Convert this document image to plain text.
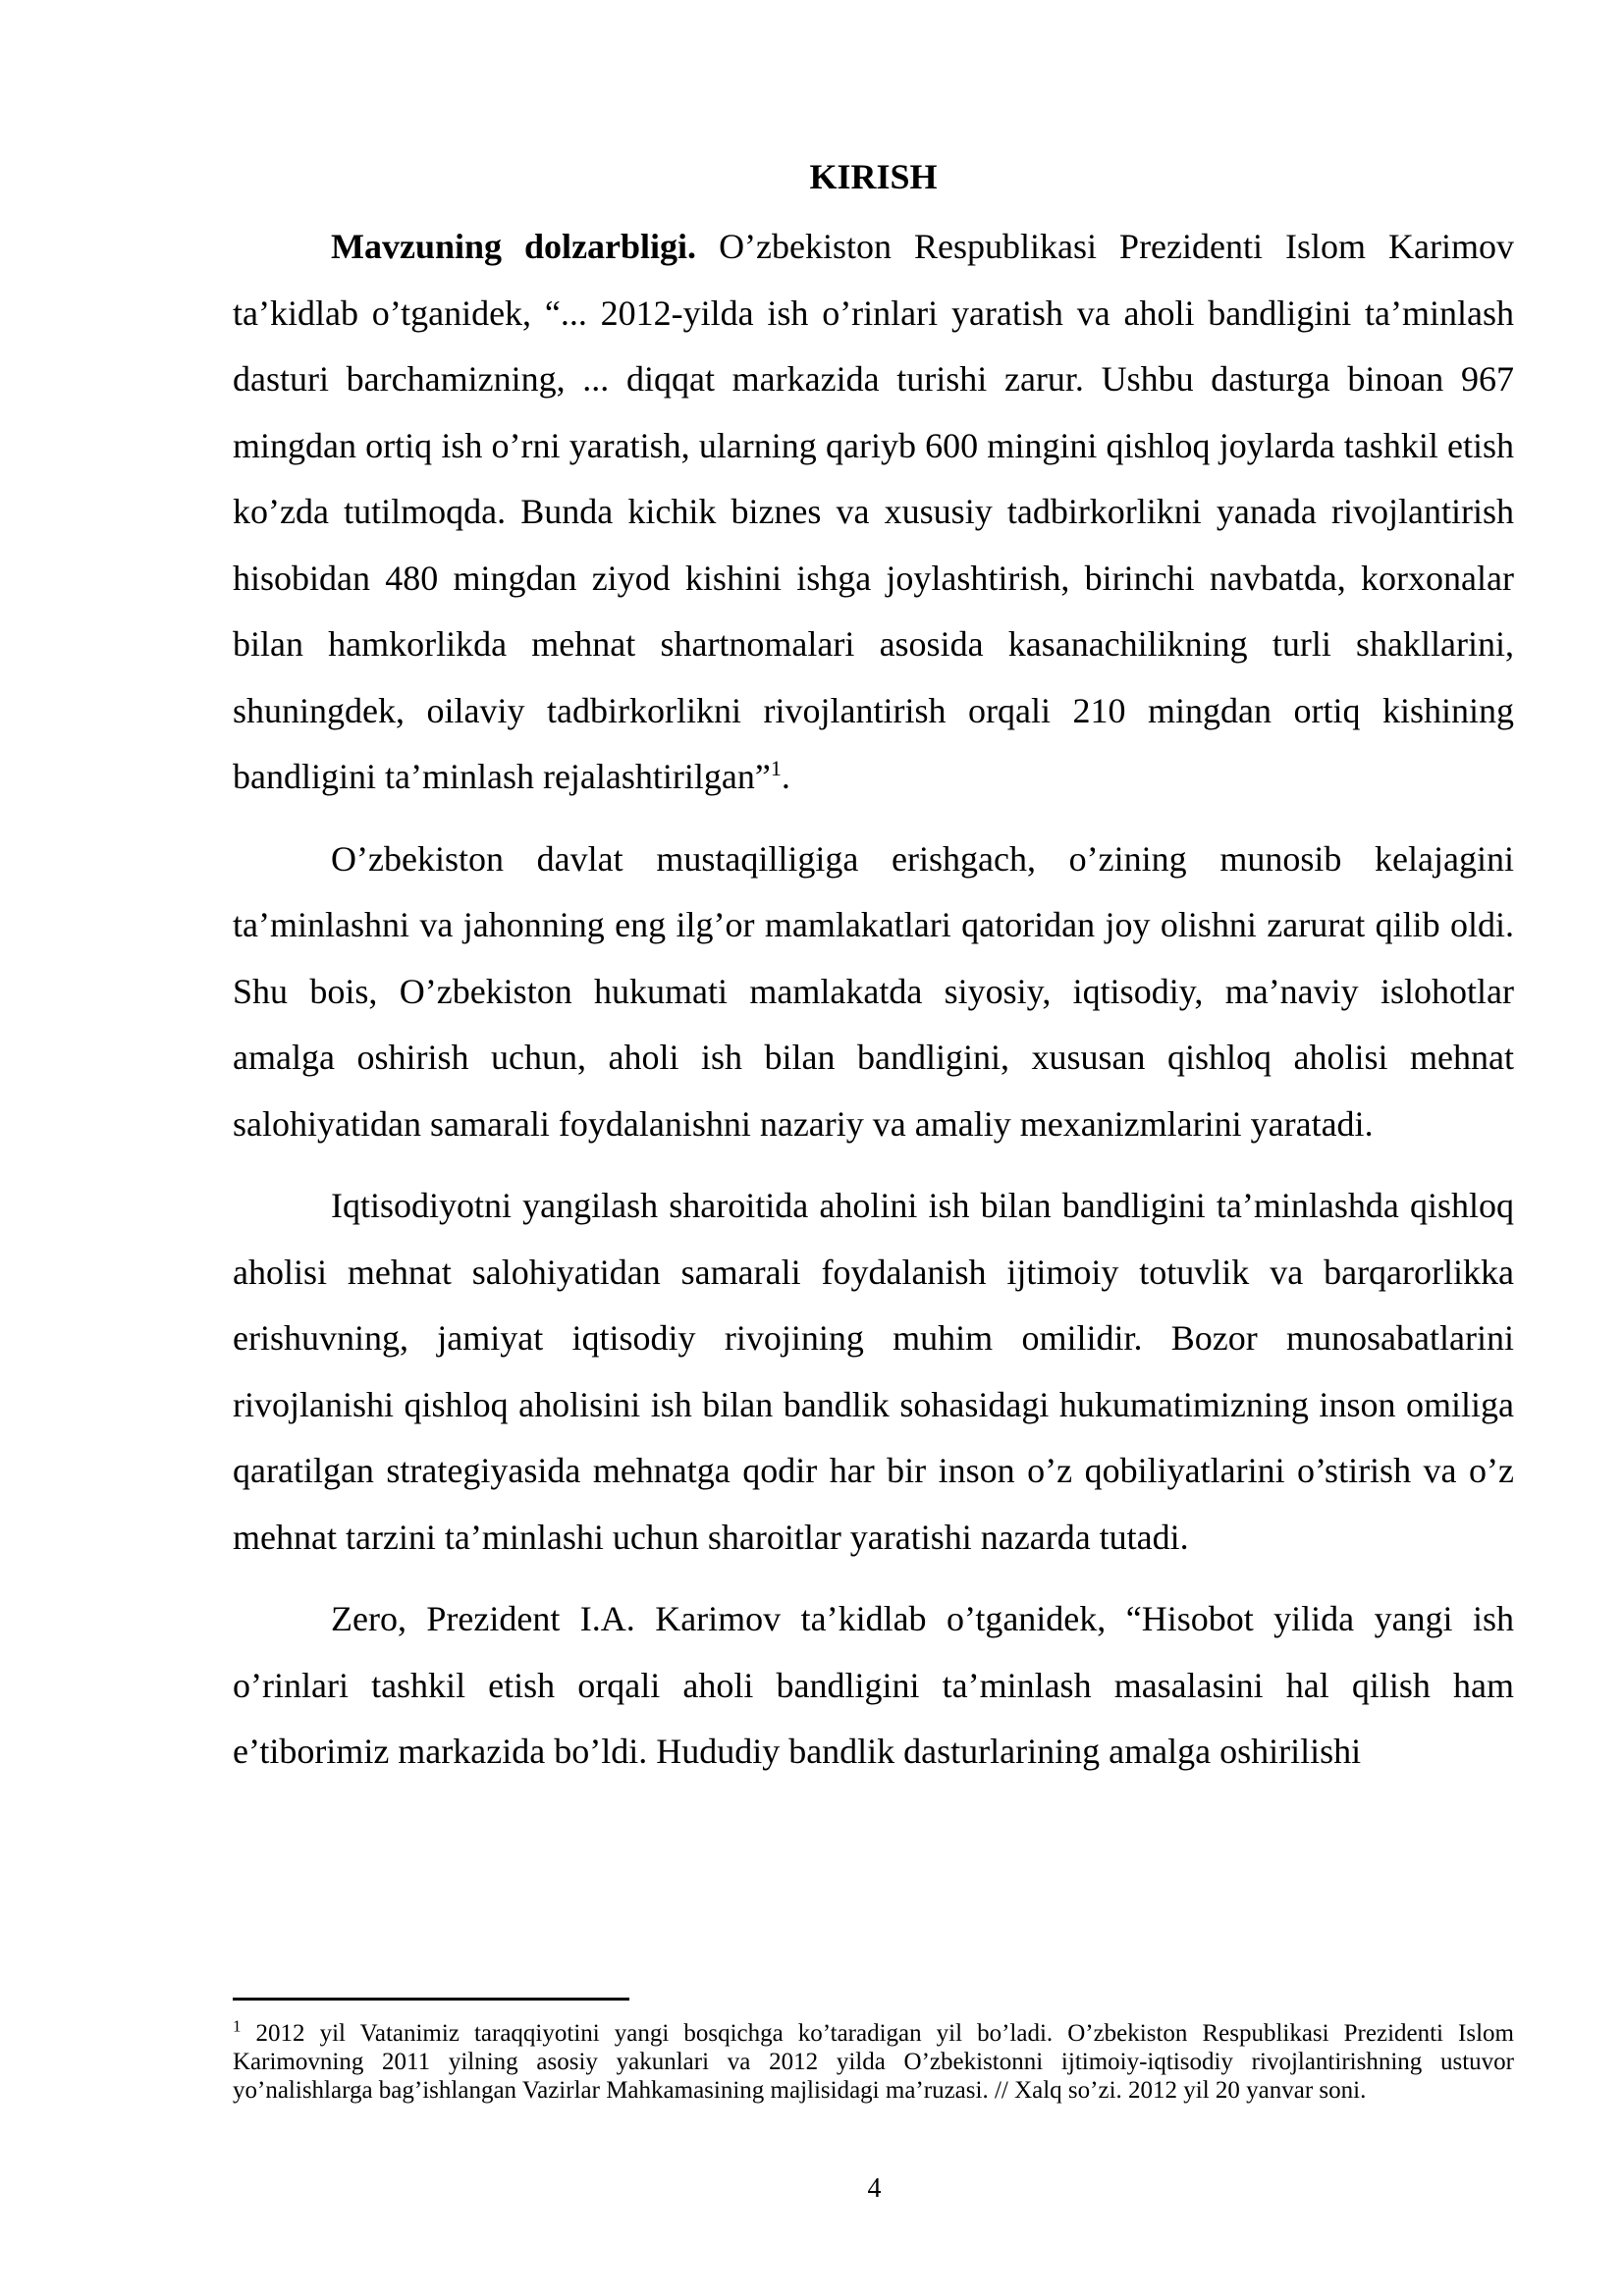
KIRISH

Mavzuning dolzarbligi. O’zbekiston Respublikasi Prezidenti Islom Karimov ta’kidlab o’tganidek, “... 2012-yilda ish o’rinlari yaratish va aholi bandligini ta’minlash dasturi barchamizning, ... diqqat markazida turishi zarur. Ushbu dasturga binoan 967 mingdan ortiq ish o’rni yaratish, ularning qariyb 600 mingini qishloq joylarda tashkil etish ko’zda tutilmoqda. Bunda kichik biznes va xususiy tadbirkorlikni yanada rivojlantirish hisobidan 480 mingdan ziyod kishini ishga joylashtirish, birinchi navbatda, korxonalar bilan hamkorlikda mehnat shartnomalari asosida kasanachilikning turli shakllarini, shuningdek, oilaviy tadbirkorlikni rivojlantirish orqali 210 mingdan ortiq kishining bandligini ta’minlash rejalashtirilgan”$^1$.

O’zbekiston davlat mustaqilligiga erishgach, o’zining munosib kelajagini ta’minlashni va jahonning eng ilg’or mamlakatlari qatoridan joy olishni zarurat qilib oldi. Shu bois, O’zbekiston hukumati mamlakatda siyosiy, iqtisodiy, ma’naviy islohotlar amalga oshirish uchun, aholi ish bilan bandligini, xususan qishloq aholisi mehnat salohiyatidan samarali foydalanishni nazariy va amaliy mexanizmlarini yaratadi.

Iqtisodiyotni yangilash sharoitida aholini ish bilan bandligini ta’minlashda qishloq aholisi mehnat salohiyatidan samarali foydalanish ijtimoiy totuvlik va barqarorlikka erishuvning, jamiyat iqtisodiy rivojining muhim omilidir. Bozor munosabatlarini rivojlanishi qishloq aholisini ish bilan bandlik sohasidagi hukumatimizning inson omiliga qaratilgan strategiyasida mehnatga qodir har bir inson o’z qobiliyatlarini o’stirish va o’z mehnat tarzini ta’minlashi uchun sharoitlar yaratishi nazarda tutadi.

Zero, Prezident I.A. Karimov ta’kidlab o’tganidek, “Hisobot yilida yangi ish o’rinlari tashkil etish orqali aholi bandligini ta’minlash masalasini hal qilish ham e’tiborimiz markazida bo’ldi. Hududiy bandlik dasturlarining amalga oshirilishi

$^1$ 2012 yil Vatanimiz taraqqiyotini yangi bosqichga ko’taradigan yil bo’ladi. O’zbekiston Respublikasi Prezidenti Islom Karimovning 2011 yilning asosiy yakunlari va 2012 yilda O’zbekistonni ijtimoiy-iqtisodiy rivojlantirishning ustuvor yo’nalishlarga bag’ishlangan Vazirlar Mahkamasining majlisidagi ma’ruzasi. // Xalq so’zi. 2012 yil 20 yanvar soni.
4
